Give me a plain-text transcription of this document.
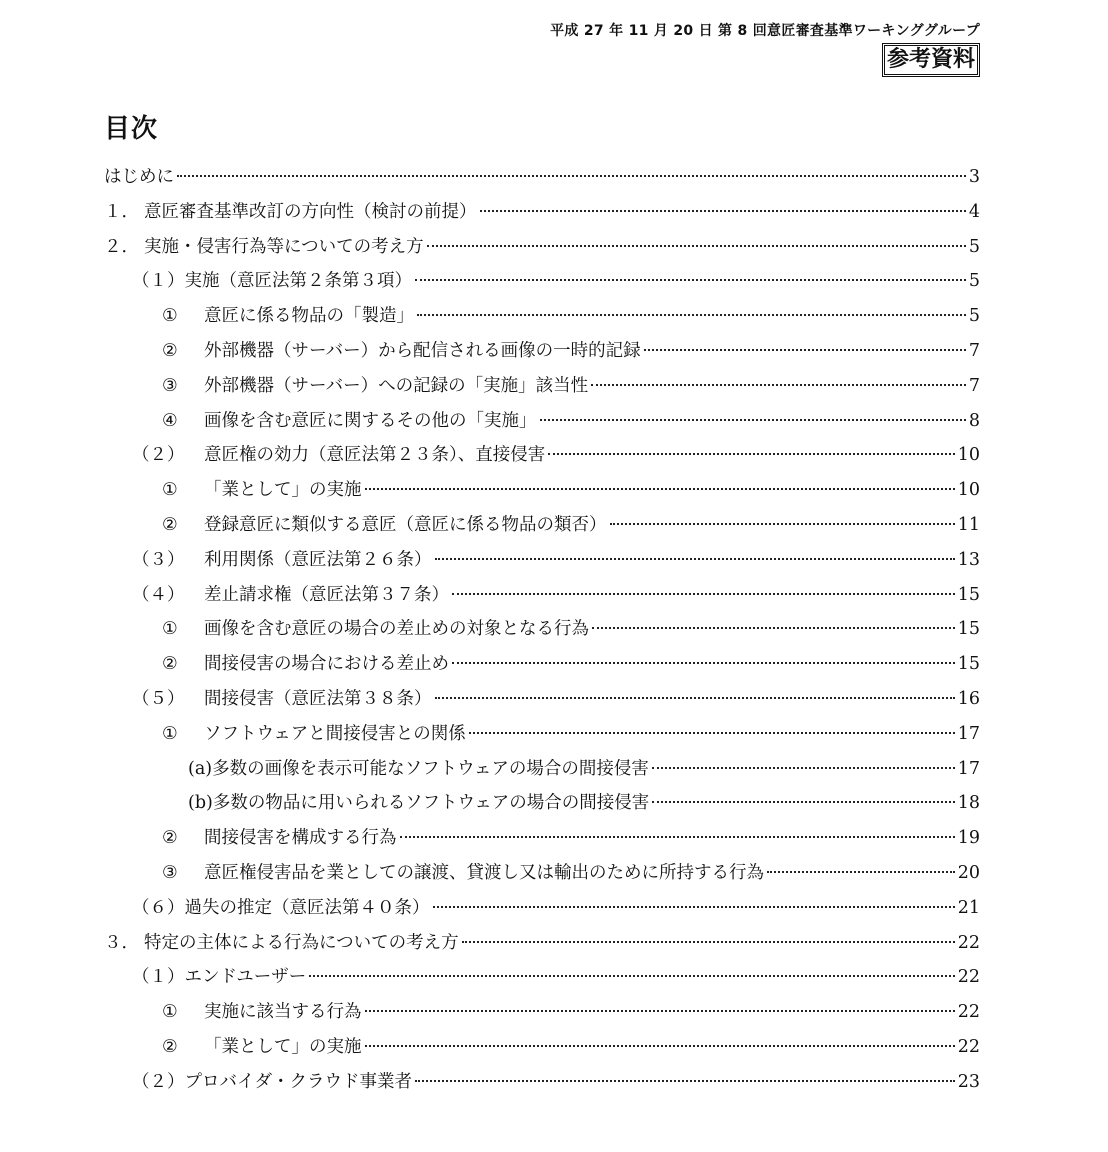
平成 27 年 11 月 20 日 第 8 回意匠審査基準ワーキンググループ
参考資料
目次
はじめに	3
１． 意匠審査基準改訂の方向性（検討の前提）	4
２． 実施・侵害行為等についての考え方	5
（１） 実施（意匠法第２条第３項）	5
①	意匠に係る物品の「製造」	5
②	外部機器（サーバー）から配信される画像の一時的記録	7
③	外部機器（サーバー）への記録の「実施」該当性	7
④	画像を含む意匠に関するその他の「実施」	8
（２）	意匠権の効力（意匠法第２３条）、直接侵害	10
①	「業として」の実施	10
②	登録意匠に類似する意匠（意匠に係る物品の類否）	11
（３）	利用関係（意匠法第２６条）	13
（４）	差止請求権（意匠法第３７条）	15
①	画像を含む意匠の場合の差止めの対象となる行為	15
②	間接侵害の場合における差止め	15
（５）	間接侵害（意匠法第３８条）	16
①	ソフトウェアと間接侵害との関係	17
(a)多数の画像を表示可能なソフトウェアの場合の間接侵害	17
(b)多数の物品に用いられるソフトウェアの場合の間接侵害	18
②	間接侵害を構成する行為	19
③	意匠権侵害品を業としての譲渡、貸渡し又は輸出のために所持する行為	20
（６） 過失の推定（意匠法第４０条）	21
３． 特定の主体による行為についての考え方	22
（１） エンドユーザー	22
①	実施に該当する行為	22
②	「業として」の実施	22
（２） プロバイダ・クラウド事業者	23
